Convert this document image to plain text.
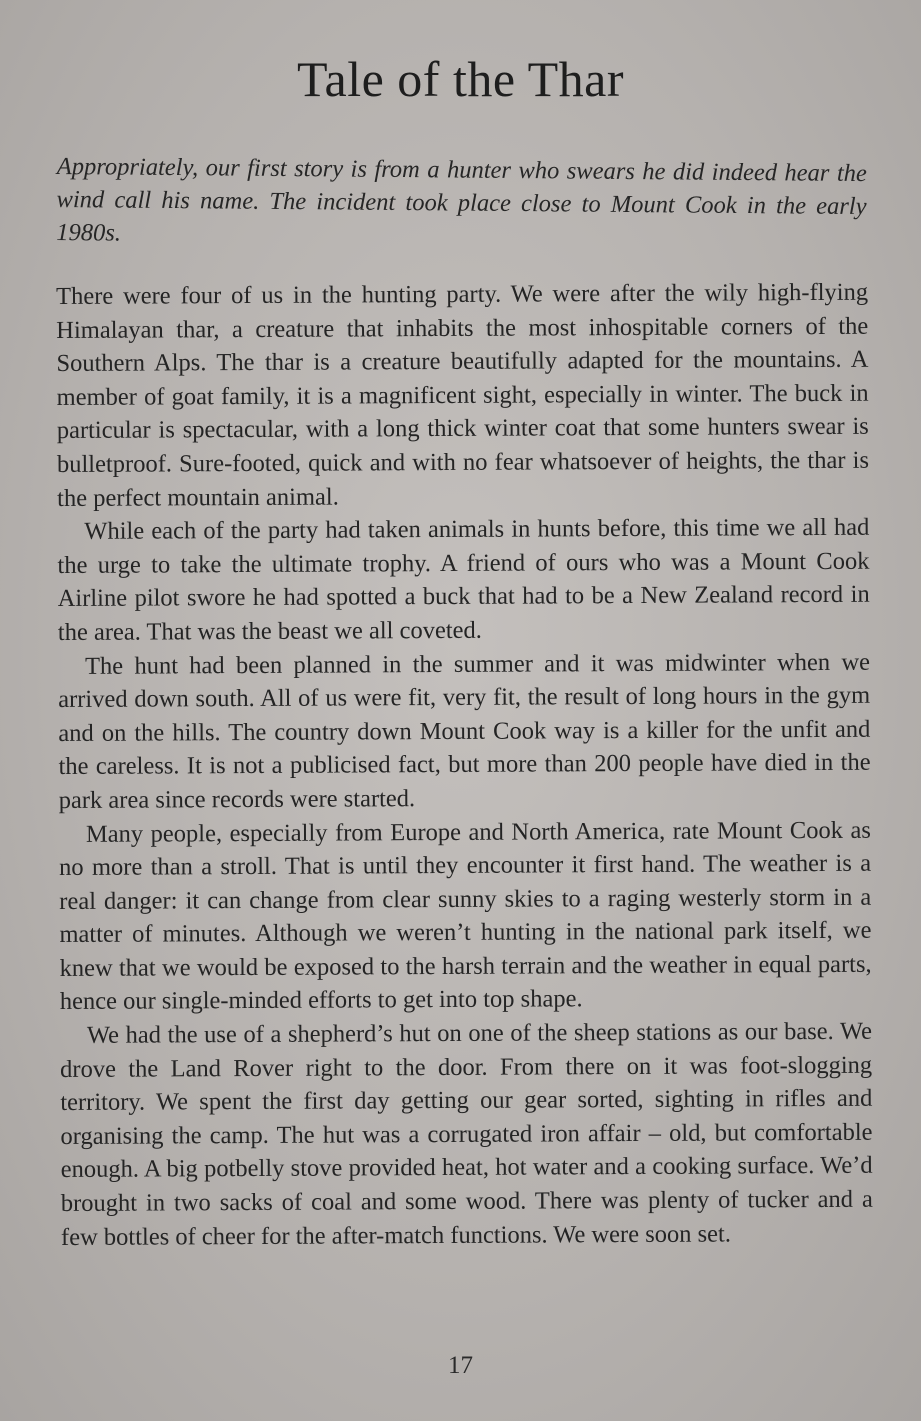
Tale of the Thar

Appropriately, our first story is from a hunter who swears he did indeed hear the wind call his name. The incident took place close to Mount Cook in the early 1980s.

There were four of us in the hunting party. We were after the wily high-flying Himalayan thar, a creature that inhabits the most inhospitable corners of the Southern Alps. The thar is a creature beautifully adapted for the mountains. A member of goat family, it is a magnificent sight, especially in winter. The buck in particular is spectacular, with a long thick winter coat that some hunters swear is bulletproof. Sure-footed, quick and with no fear whatsoever of heights, the thar is the perfect mountain animal.

While each of the party had taken animals in hunts before, this time we all had the urge to take the ultimate trophy. A friend of ours who was a Mount Cook Airline pilot swore he had spotted a buck that had to be a New Zealand record in the area. That was the beast we all coveted.

The hunt had been planned in the summer and it was midwinter when we arrived down south. All of us were fit, very fit, the result of long hours in the gym and on the hills. The country down Mount Cook way is a killer for the unfit and the careless. It is not a publicised fact, but more than 200 people have died in the park area since records were started.

Many people, especially from Europe and North America, rate Mount Cook as no more than a stroll. That is until they encounter it first hand. The weather is a real danger: it can change from clear sunny skies to a raging westerly storm in a matter of minutes. Although we weren’t hunting in the national park itself, we knew that we would be exposed to the harsh terrain and the weather in equal parts, hence our single-minded efforts to get into top shape.

We had the use of a shepherd’s hut on one of the sheep stations as our base. We drove the Land Rover right to the door. From there on it was foot-slogging territory. We spent the first day getting our gear sorted, sighting in rifles and organising the camp. The hut was a corrugated iron affair – old, but comfortable enough. A big potbelly stove provided heat, hot water and a cooking surface. We’d brought in two sacks of coal and some wood. There was plenty of tucker and a few bottles of cheer for the after-match functions. We were soon set.

17
